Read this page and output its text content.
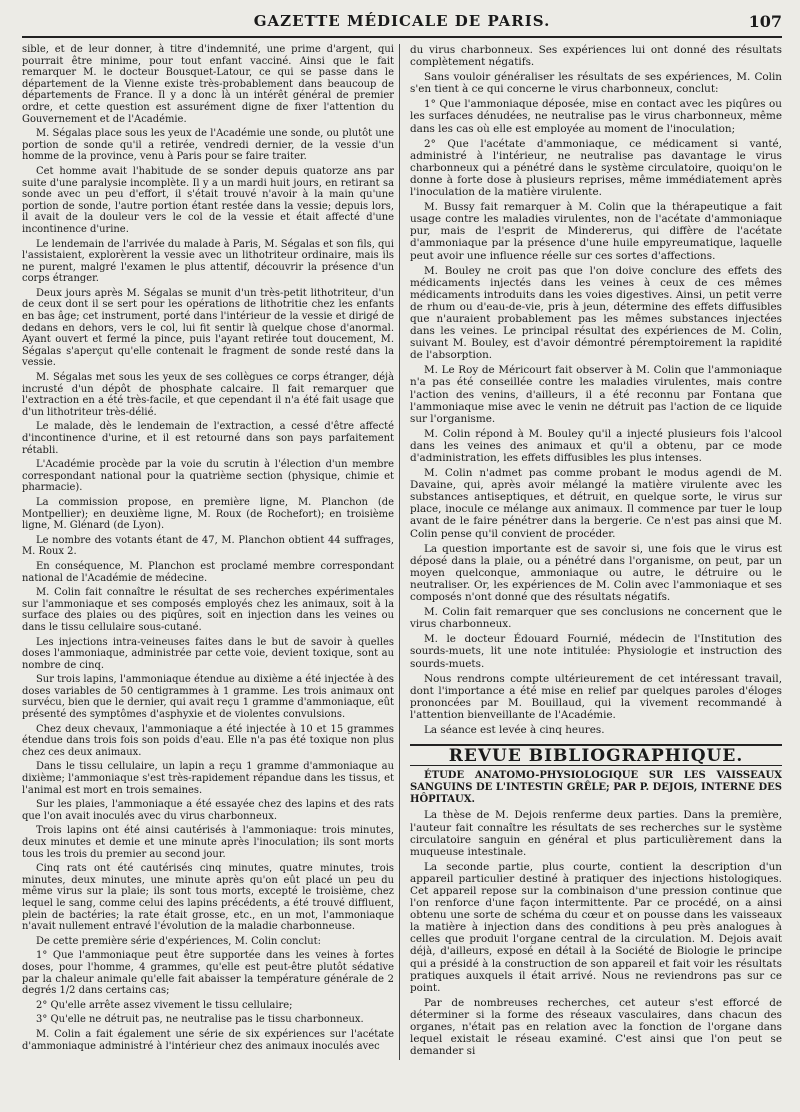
GAZETTE MÉDICALE DE PARIS.	107

sible, et de leur donner, à titre d'indemnité, une prime d'argent, qui pourrait être minime, pour tout enfant vacciné. Ainsi que le fait remarquer M. le docteur Bousquet-Latour, ce qui se passe dans le département de la Vienne existe très-probablement dans beaucoup de départements de France. Il y a donc là un intérêt général de premier ordre, et cette question est assurément digne de fixer l'attention du Gouvernement et de l'Académie.

M. Ségalas place sous les yeux de l'Académie une sonde, ou plutôt une portion de sonde qu'il a retirée, vendredi dernier, de la vessie d'un homme de la province, venu à Paris pour se faire traiter.

Cet homme avait l'habitude de se sonder depuis quatorze ans par suite d'une paralysie incomplète. Il y a un mardi huit jours, en retirant sa sonde avec un peu d'effort, il s'était trouvé n'avoir à la main qu'une portion de sonde, l'autre portion étant restée dans la vessie; depuis lors, il avait de la douleur vers le col de la vessie et était affecté d'une incontinence d'urine.

Le lendemain de l'arrivée du malade à Paris, M. Ségalas et son fils, qui l'assistaient, explorèrent la vessie avec un lithotriteur ordinaire, mais ils ne purent, malgré l'examen le plus attentif, découvrir la présence d'un corps étranger.

Deux jours après M. Ségalas se munit d'un très-petit lithotriteur, d'un de ceux dont il se sert pour les opérations de lithotritie chez les enfants en bas âge; cet instrument, porté dans l'intérieur de la vessie et dirigé de dedans en dehors, vers le col, lui fit sentir là quelque chose d'anormal. Ayant ouvert et fermé la pince, puis l'ayant retirée tout doucement, M. Ségalas s'aperçut qu'elle contenait le fragment de sonde resté dans la vessie.

M. Ségalas met sous les yeux de ses collègues ce corps étranger, déjà incrusté d'un dépôt de phosphate calcaire. Il fait remarquer que l'extraction en a été très-facile, et que cependant il n'a été fait usage que d'un lithotriteur très-délié.

Le malade, dès le lendemain de l'extraction, a cessé d'être affecté d'incontinence d'urine, et il est retourné dans son pays parfaitement rétabli.

L'Académie procède par la voie du scrutin à l'élection d'un membre correspondant national pour la quatrième section (physique, chimie et pharmacie).

La commission propose, en première ligne, M. Planchon (de Montpellier); en deuxième ligne, M. Roux (de Rochefort); en troisième ligne, M. Glénard (de Lyon).

Le nombre des votants étant de 47, M. Planchon obtient 44 suffrages, M. Roux 2.

En conséquence, M. Planchon est proclamé membre correspondant national de l'Académie de médecine.

M. Colin fait connaître le résultat de ses recherches expérimentales sur l'ammoniaque et ses composés employés chez les animaux, soit à la surface des plaies ou des piqûres, soit en injection dans les veines ou dans le tissu cellulaire sous-cutané.

Les injections intra-veineuses faites dans le but de savoir à quelles doses l'ammoniaque, administrée par cette voie, devient toxique, sont au nombre de cinq.

Sur trois lapins, l'ammoniaque étendue au dixième a été injectée à des doses variables de 50 centigrammes à 1 gramme. Les trois animaux ont survécu, bien que le dernier, qui avait reçu 1 gramme d'ammoniaque, eût présenté des symptômes d'asphyxie et de violentes convulsions.

Chez deux chevaux, l'ammoniaque a été injectée à 10 et 15 grammes étendue dans trois fois son poids d'eau. Elle n'a pas été toxique non plus chez ces deux animaux.

Dans le tissu cellulaire, un lapin a reçu 1 gramme d'ammoniaque au dixième; l'ammoniaque s'est très-rapidement répandue dans les tissus, et l'animal est mort en trois semaines.

Sur les plaies, l'ammoniaque a été essayée chez des lapins et des rats que l'on avait inoculés avec du virus charbonneux.

Trois lapins ont été ainsi cautérisés à l'ammoniaque: trois minutes, deux minutes et demie et une minute après l'inoculation; ils sont morts tous les trois du premier au second jour.

Cinq rats ont été cautérisés cinq minutes, quatre minutes, trois minutes, deux minutes, une minute après qu'on eût placé un peu du même virus sur la plaie; ils sont tous morts, excepté le troisième, chez lequel le sang, comme celui des lapins précédents, a été trouvé diffluent, plein de bactéries; la rate était grosse, etc., en un mot, l'ammoniaque n'avait nullement entravé l'évolution de la maladie charbonneuse.

De cette première série d'expériences, M. Colin conclut:

1° Que l'ammoniaque peut être supportée dans les veines à fortes doses, pour l'homme, 4 grammes, qu'elle est peut-être plutôt sédative par la chaleur animale qu'elle fait abaisser la température générale de 2 degrés 1/2 dans certains cas;

2° Qu'elle arrête assez vivement le tissu cellulaire;

3° Qu'elle ne détruit pas, ne neutralise pas le tissu charbonneux.

M. Colin a fait également une série de six expériences sur l'acétate d'ammoniaque administré à l'intérieur chez des animaux inoculés avec

du virus charbonneux. Ses expériences lui ont donné des résultats complètement négatifs.

Sans vouloir généraliser les résultats de ses expériences, M. Colin s'en tient à ce qui concerne le virus charbonneux, conclut:

1° Que l'ammoniaque déposée, mise en contact avec les piqûres ou les surfaces dénudées, ne neutralise pas le virus charbonneux, même dans les cas où elle est employée au moment de l'inoculation;

2° Que l'acétate d'ammoniaque, ce médicament si vanté, administré à l'intérieur, ne neutralise pas davantage le virus charbonneux qui a pénétré dans le système circulatoire, quoiqu'on le donne à forte dose à plusieurs reprises, même immédiatement après l'inoculation de la matière virulente.

M. Bussy fait remarquer à M. Colin que la thérapeutique a fait usage contre les maladies virulentes, non de l'acétate d'ammoniaque pur, mais de l'esprit de Mindererus, qui diffère de l'acétate d'ammoniaque par la présence d'une huile empyreumatique, laquelle peut avoir une influence réelle sur ces sortes d'affections.

M. Bouley ne croit pas que l'on doive conclure des effets des médicaments injectés dans les veines à ceux de ces mêmes médicaments introduits dans les voies digestives. Ainsi, un petit verre de rhum ou d'eau-de-vie, pris à jeun, détermine des effets diffusibles que n'auraient probablement pas les mêmes substances injectées dans les veines. Le principal résultat des expériences de M. Colin, suivant M. Bouley, est d'avoir démontré péremptoirement la rapidité de l'absorption.

M. Le Roy de Méricourt fait observer à M. Colin que l'ammoniaque n'a pas été conseillée contre les maladies virulentes, mais contre l'action des venins, d'ailleurs, il a été reconnu par Fontana que l'ammoniaque mise avec le venin ne détruit pas l'action de ce liquide sur l'organisme.

M. Colin répond à M. Bouley qu'il a injecté plusieurs fois l'alcool dans les veines des animaux et qu'il a obtenu, par ce mode d'administration, les effets diffusibles les plus intenses.

M. Colin n'admet pas comme probant le modus agendi de M. Davaine, qui, après avoir mélangé la matière virulente avec les substances antiseptiques, et détruit, en quelque sorte, le virus sur place, inocule ce mélange aux animaux. Il commence par tuer le loup avant de le faire pénétrer dans la bergerie. Ce n'est pas ainsi que M. Colin pense qu'il convient de procéder.

La question importante est de savoir si, une fois que le virus est déposé dans la plaie, ou a pénétré dans l'organisme, on peut, par un moyen quelconque, ammoniaque ou autre, le détruire ou le neutraliser. Or, les expériences de M. Colin avec l'ammoniaque et ses composés n'ont donné que des résultats négatifs.

M. Colin fait remarquer que ses conclusions ne concernent que le virus charbonneux.

M. le docteur Édouard Fournié, médecin de l'Institution des sourds-muets, lit une note intitulée: Physiologie et instruction des sourds-muets.

Nous rendrons compte ultérieurement de cet intéressant travail, dont l'importance a été mise en relief par quelques paroles d'éloges prononcées par M. Bouillaud, qui la vivement recommandé à l'attention bienveillante de l'Académie.

La séance est levée à cinq heures.

REVUE BIBLIOGRAPHIQUE.

ÉTUDE ANATOMO-PHYSIOLOGIQUE SUR LES VAISSEAUX SANGUINS DE L'INTESTIN GRÊLE; PAR P. DEJOIS, INTERNE DES HÔPITAUX.

La thèse de M. Dejois renferme deux parties. Dans la première, l'auteur fait connaître les résultats de ses recherches sur le système circulatoire sanguin en général et plus particulièrement dans la muqueuse intestinale.

La seconde partie, plus courte, contient la description d'un appareil particulier destiné à pratiquer des injections histologiques. Cet appareil repose sur la combinaison d'une pression continue que l'on renforce d'une façon intermittente. Par ce procédé, on a ainsi obtenu une sorte de schéma du cœur et on pousse dans les vaisseaux la matière à injection dans des conditions à peu près analogues à celles que produit l'organe central de la circulation. M. Dejois avait déjà, d'ailleurs, exposé en détail à la Société de Biologie le principe qui a présidé à la construction de son appareil et fait voir les résultats pratiques auxquels il était arrivé. Nous ne reviendrons pas sur ce point.

Par de nombreuses recherches, cet auteur s'est efforcé de déterminer si la forme des réseaux vasculaires, dans chacun des organes, n'était pas en relation avec la fonction de l'organe dans lequel existait le réseau examiné. C'est ainsi que l'on peut se demander si
